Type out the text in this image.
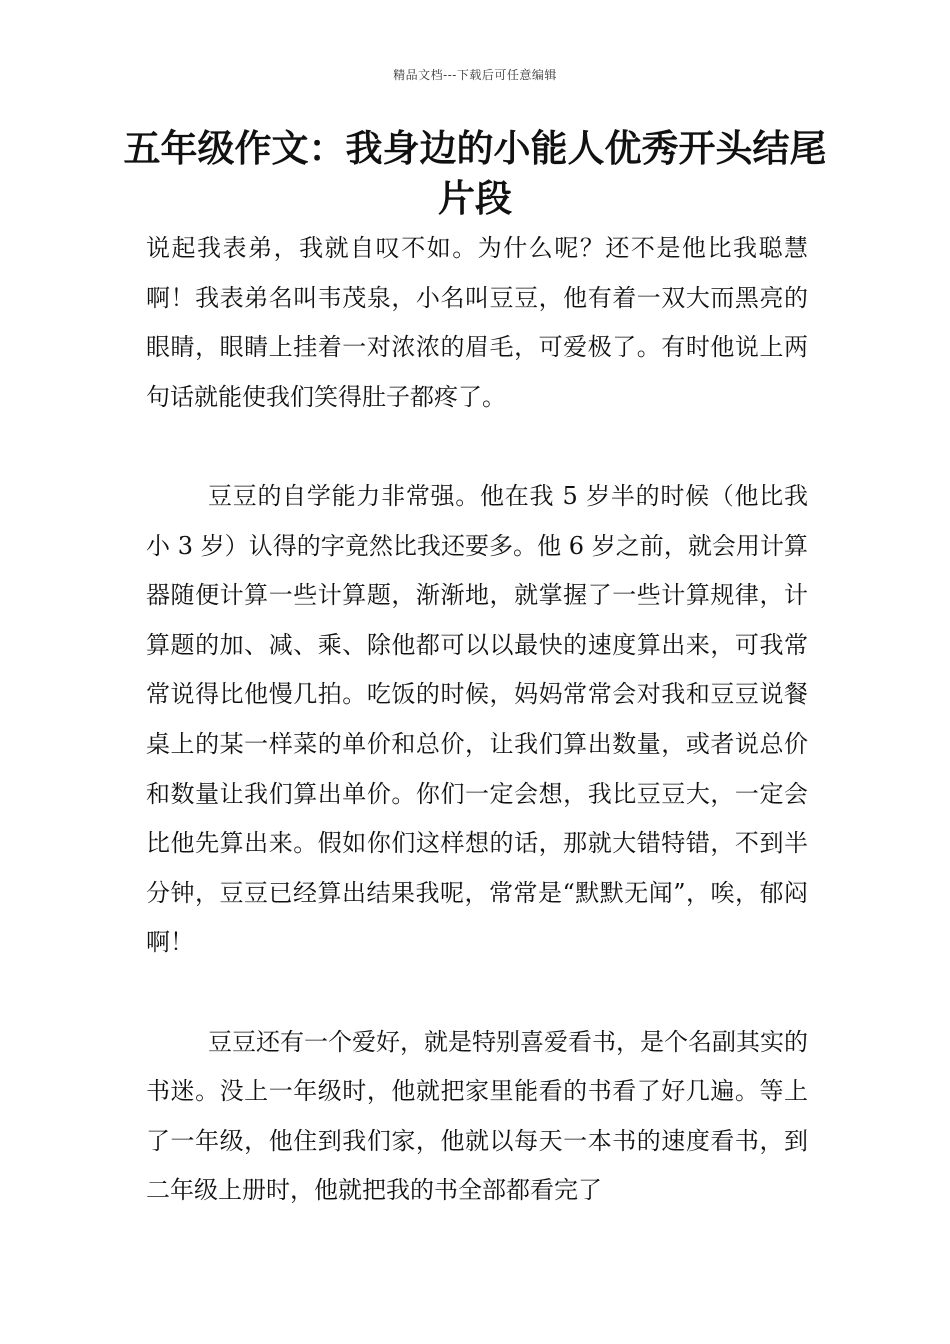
精品文档---下载后可任意编辑
五年级作文：我身边的小能人优秀开头结尾片段

说起我表弟，我就自叹不如。为什么呢？还不是他比我聪慧啊！我表弟名叫韦茂泉，小名叫豆豆，他有着一双大而黑亮的眼睛，眼睛上挂着一对浓浓的眉毛，可爱极了。有时他说上两句话就能使我们笑得肚子都疼了。

豆豆的自学能力非常强。他在我 5 岁半的时候（他比我小 3 岁）认得的字竟然比我还要多。他 6 岁之前，就会用计算器随便计算一些计算题，渐渐地，就掌握了一些计算规律，计算题的加、减、乘、除他都可以以最快的速度算出来，可我常常说得比他慢几拍。吃饭的时候，妈妈常常会对我和豆豆说餐桌上的某一样菜的单价和总价，让我们算出数量，或者说总价和数量让我们算出单价。你们一定会想，我比豆豆大，一定会比他先算出来。假如你们这样想的话，那就大错特错，不到半分钟，豆豆已经算出结果我呢，常常是“默默无闻”，唉，郁闷啊！

豆豆还有一个爱好，就是特别喜爱看书，是个名副其实的书迷。没上一年级时，他就把家里能看的书看了好几遍。等上了一年级，他住到我们家，他就以每天一本书的速度看书，到二年级上册时，他就把我的书全部都看完了
